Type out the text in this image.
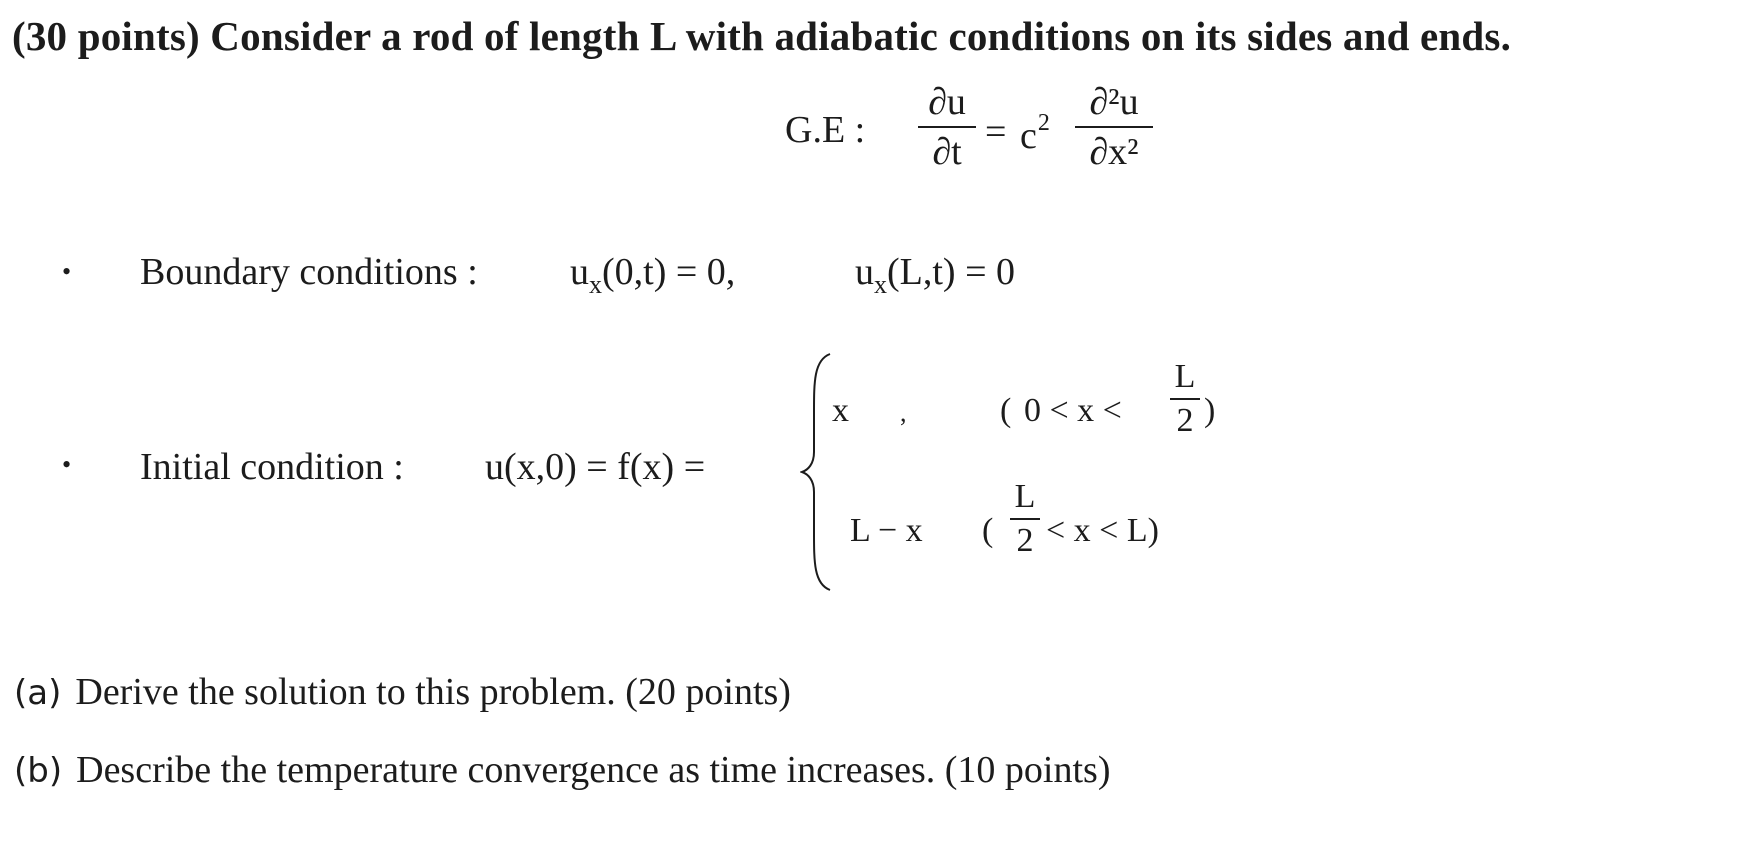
(30 points) Consider a rod of length L with adiabatic conditions on its sides and ends.
G.E :
∂u
$\partial t = c^2$	∂²u
∂x²
• Boundary conditions : $u_x(0,t) = 0$,	$u_x(L,t) = 0$
• Initial condition : u(x,0) = f(x) =
x ,	( 0 < x <
L
2 )
L − x (
L
2 < x < L)
(a) Derive the solution to this problem. (20 points)
(b) Describe the temperature convergence as time increases. (10 points)
